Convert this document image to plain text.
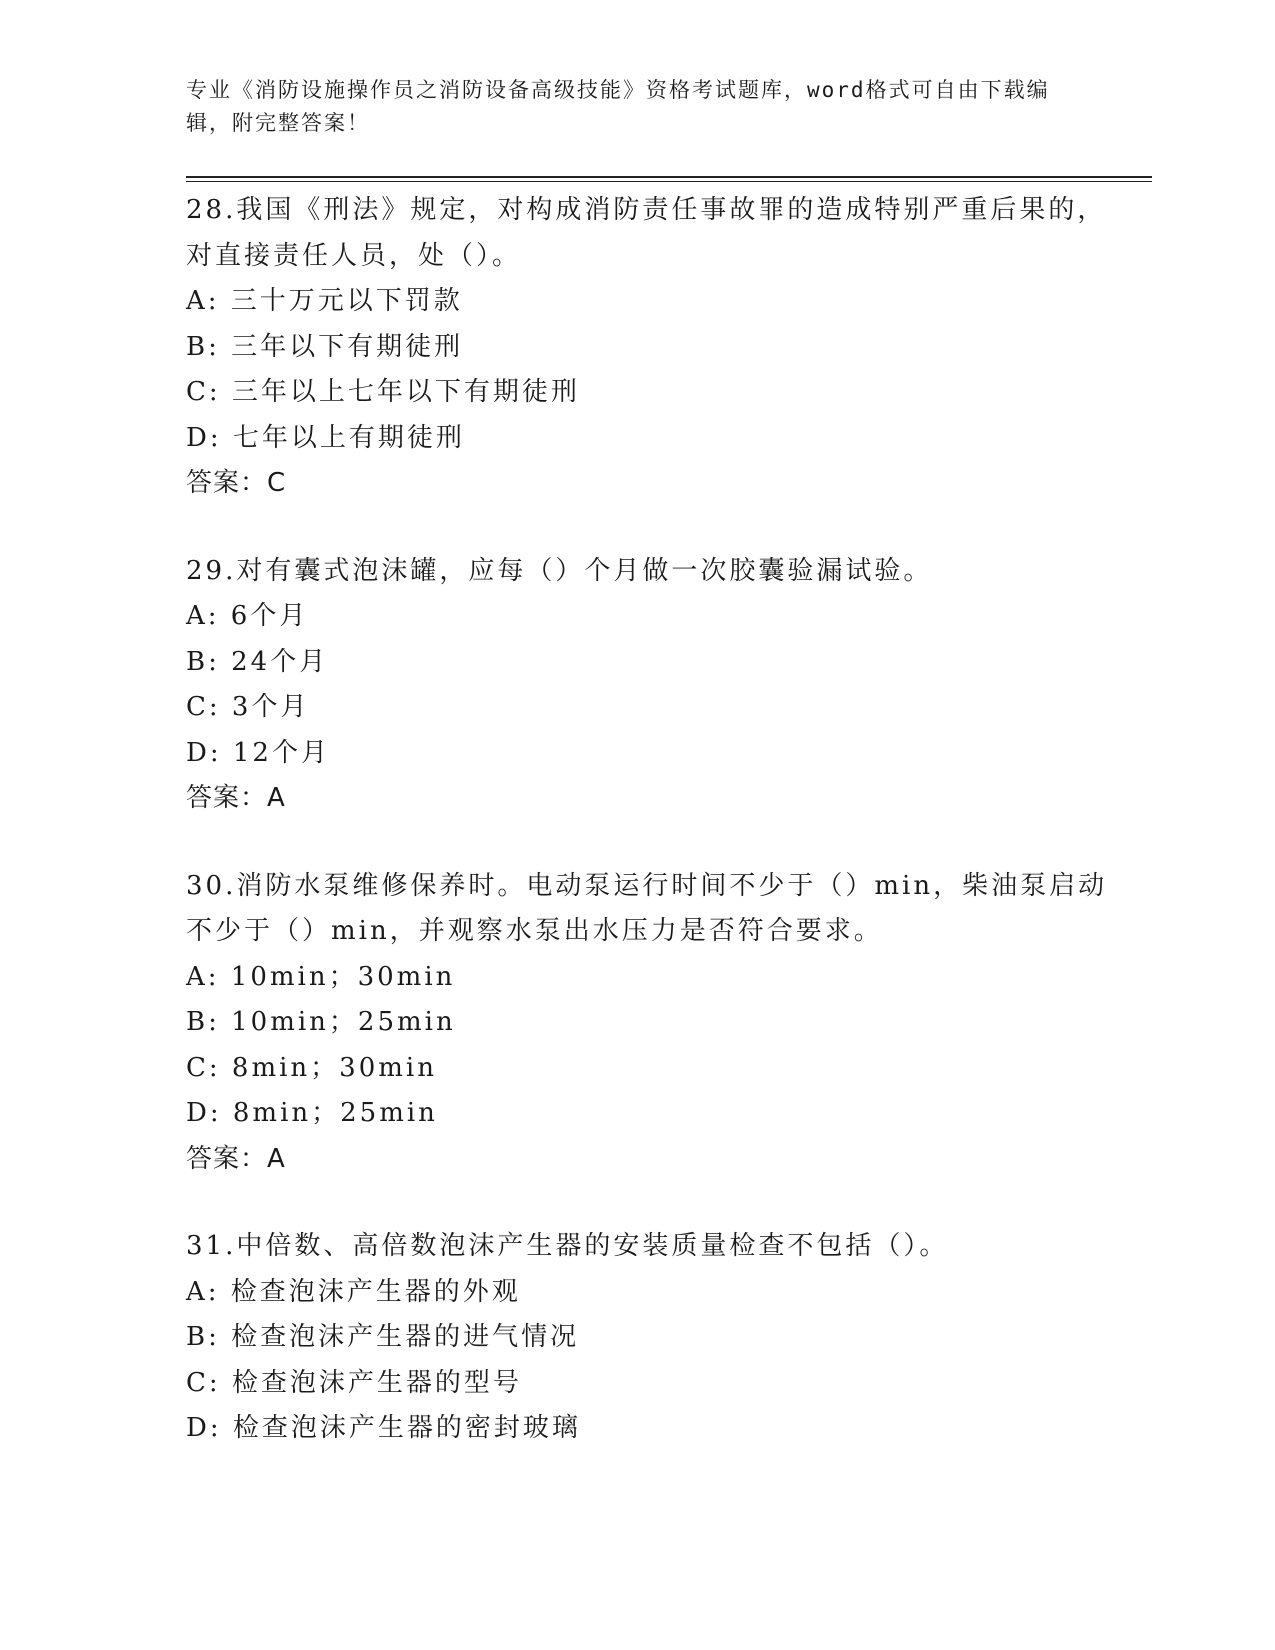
专业《消防设施操作员之消防设备高级技能》资格考试题库，word格式可自由下载编辑，附完整答案！

28.我国《刑法》规定，对构成消防责任事故罪的造成特别严重后果的，对直接责任人员，处（）。

A: 三十万元以下罚款
B: 三年以下有期徒刑
C: 三年以上七年以下有期徒刑
D: 七年以上有期徒刑
答案：C

29.对有囊式泡沫罐，应每（）个月做一次胶囊验漏试验。

A: 6个月
B: 24个月
C: 3个月
D: 12个月
答案：A

30.消防水泵维修保养时。电动泵运行时间不少于（）min，柴油泵启动不少于（）min，并观察水泵出水压力是否符合要求。

A: 10min；30min
B: 10min；25min
C: 8min；30min
D: 8min；25min
答案：A

31.中倍数、高倍数泡沫产生器的安装质量检查不包括（）。

A: 检查泡沫产生器的外观
B: 检查泡沫产生器的进气情况
C: 检查泡沫产生器的型号
D: 检查泡沫产生器的密封玻璃
